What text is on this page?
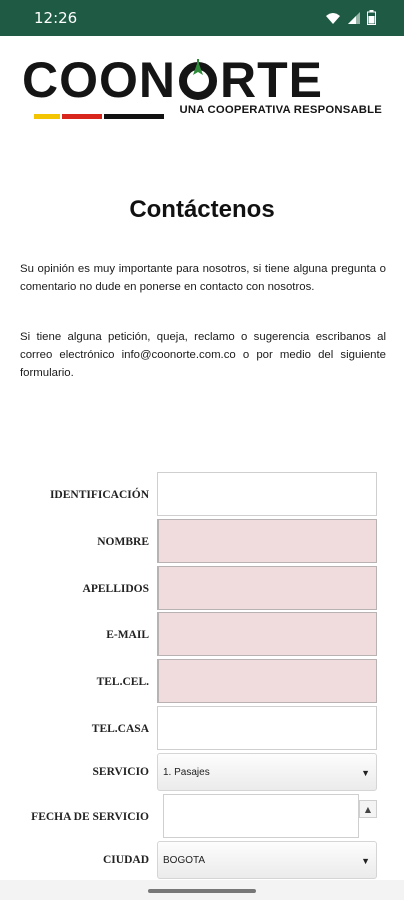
12:26
COON RTE
UNA COOPERATIVA RESPONSABLE
Contáctenos
Su opinión es muy importante para nosotros, si tiene alguna pregunta o comentario no dude en ponerse en contacto con nosotros.
Si tiene alguna petición, queja, reclamo o sugerencia escribanos al correo electrónico info@coonorte.com.co o por medio del siguiente formulario.
IDENTIFICACIÓN
NOMBRE
APELLIDOS
E-MAIL
TEL.CEL.
TEL.CASA
SERVICIO 1. Pasajes	▼
FECHA DE SERVICIO
▲
CIUDAD BOGOTA	▼
